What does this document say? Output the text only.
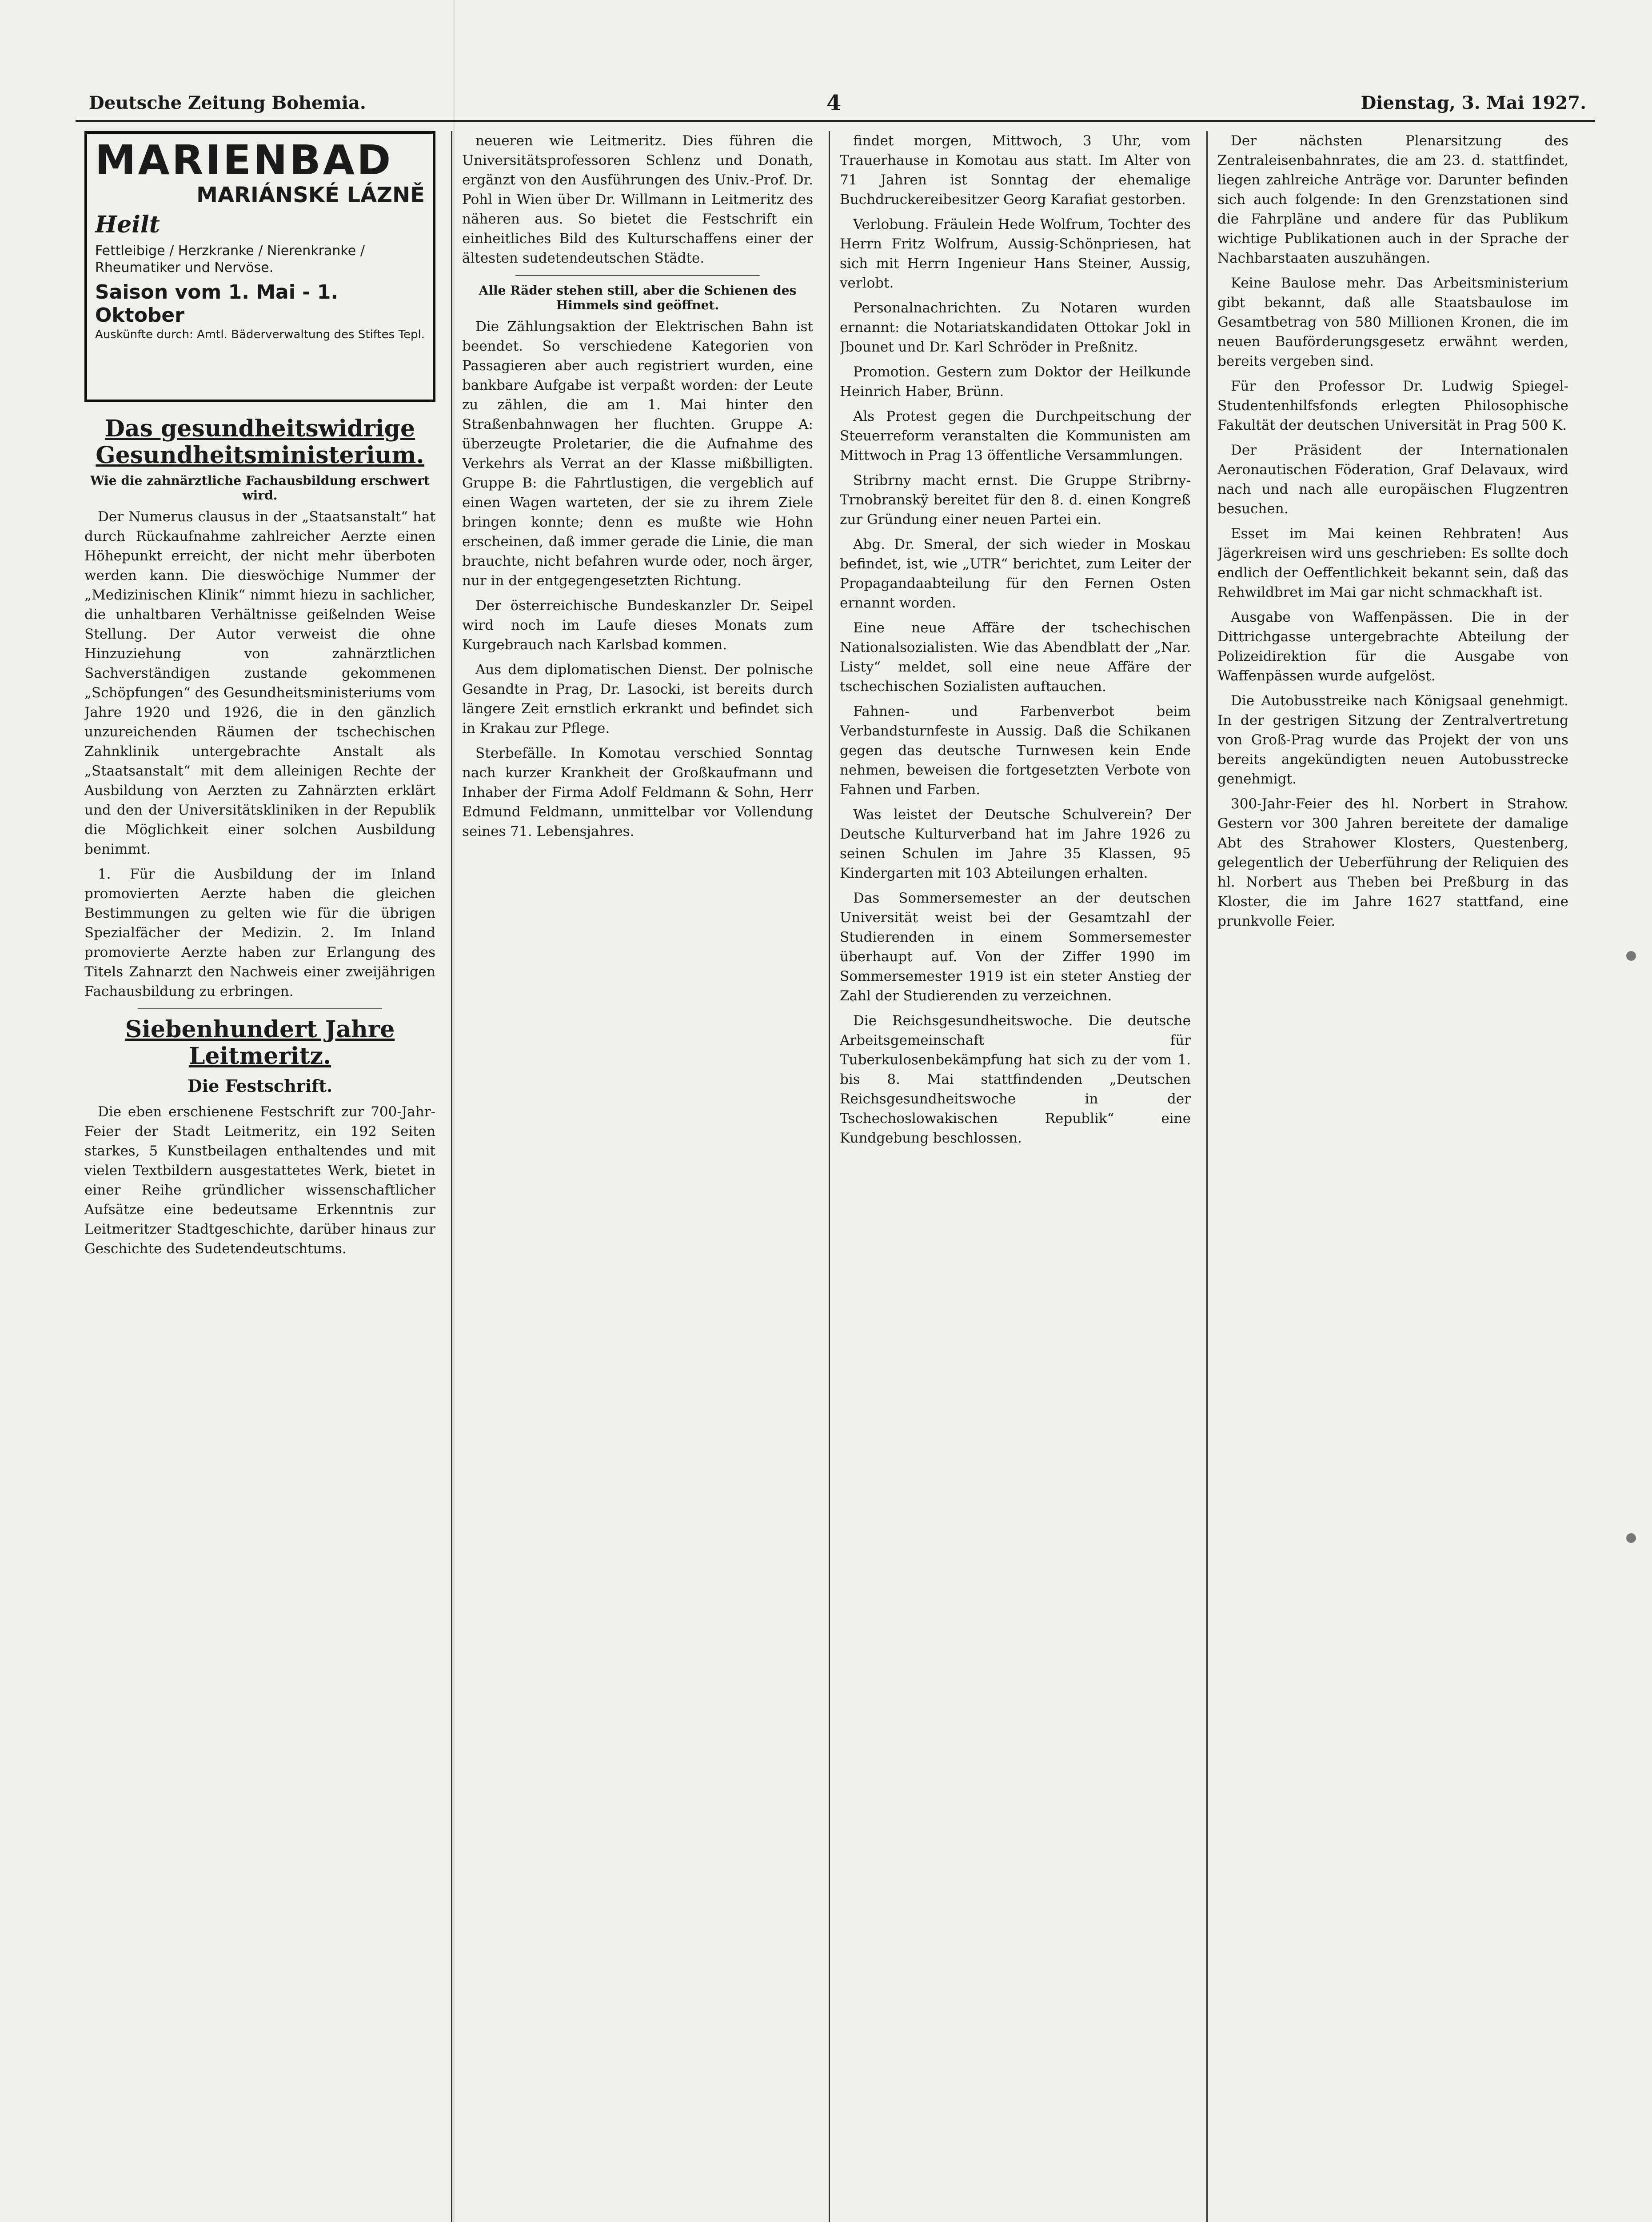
Deutsche Zeitung Bohemia.	4	Dienstag, 3. Mai 1927.
MARIENBAD
MARIÁNSKÉ LÁZNĚ
Heilt
Fettleibige / Herzkranke / Nierenkranke / Rheumatiker und Nervöse.
Saison vom 1. Mai - 1. Oktober
Auskünfte durch: Amtl. Bäderverwaltung des Stiftes Tepl.
Das gesundheitswidrige Gesundheitsministerium.
Wie die zahnärztliche Fachausbildung erschwert wird.

Der Numerus clausus in der „Staatsanstalt“ hat durch Rückaufnahme zahlreicher Aerzte einen Höhepunkt erreicht, der nicht mehr überboten werden kann. Die dieswöchige Nummer der „Medizinischen Klinik“ nimmt hiezu in sachlicher, die unhaltbaren Verhältnisse geißelnden Weise Stellung. Der Autor verweist die ohne Hinzuziehung von zahnärztlichen Sachverständigen zustande gekommenen „Schöpfungen“ des Gesundheitsministeriums vom Jahre 1920 und 1926, die in den gänzlich unzureichenden Räumen der tschechischen Zahnklinik untergebrachte Anstalt als „Staatsanstalt“ mit dem alleinigen Rechte der Ausbildung von Aerzten zu Zahnärzten erklärt und den der Universitätskliniken in der Republik die Möglichkeit einer solchen Ausbildung benimmt.

1. Für die Ausbildung der im Inland promovierten Aerzte haben die gleichen Bestimmungen zu gelten wie für die übrigen Spezialfächer der Medizin. 2. Im Inland promovierte Aerzte haben zur Erlangung des Titels Zahnarzt den Nachweis einer zweijährigen Fachausbildung zu erbringen.

Siebenhundert Jahre Leitmeritz.
Die Festschrift.

Die eben erschienene Festschrift zur 700-Jahr-Feier der Stadt Leitmeritz, ein 192 Seiten starkes, 5 Kunstbeilagen enthaltendes und mit vielen Textbildern ausgestattetes Werk, bietet in einer Reihe gründlicher wissenschaftlicher Aufsätze eine bedeutsame Erkenntnis zur Leitmeritzer Stadtgeschichte, darüber hinaus zur Geschichte des Sudetendeutschtums.

neueren wie Leitmeritz. Dies führen die Universitätsprofessoren Schlenz und Donath, ergänzt von den Ausführungen des Univ.-Prof. Dr. Pohl in Wien über Dr. Willmann in Leitmeritz des näheren aus. So bietet die Festschrift ein einheitliches Bild des Kulturschaffens einer der ältesten sudetendeutschen Städte.

Alle Räder stehen still, aber die Schienen des Himmels sind geöffnet.

Die Zählungsaktion der Elektrischen Bahn ist beendet. So verschiedene Kategorien von Passagieren aber auch registriert wurden, eine bankbare Aufgabe ist verpaßt worden: der Leute zu zählen, die am 1. Mai hinter den Straßenbahnwagen her fluchten. Gruppe A: überzeugte Proletarier, die die Aufnahme des Verkehrs als Verrat an der Klasse mißbilligten. Gruppe B: die Fahrtlustigen, die vergeblich auf einen Wagen warteten, der sie zu ihrem Ziele bringen konnte; denn es mußte wie Hohn erscheinen, daß immer gerade die Linie, die man brauchte, nicht befahren wurde oder, noch ärger, nur in der entgegengesetzten Richtung.

Der österreichische Bundeskanzler Dr. Seipel wird noch im Laufe dieses Monats zum Kurgebrauch nach Karlsbad kommen.

Aus dem diplomatischen Dienst. Der polnische Gesandte in Prag, Dr. Lasocki, ist bereits durch längere Zeit ernstlich erkrankt und befindet sich in Krakau zur Pflege.

Sterbefälle. In Komotau verschied Sonntag nach kurzer Krankheit der Großkaufmann und Inhaber der Firma Adolf Feldmann & Sohn, Herr Edmund Feldmann, unmittelbar vor Vollendung seines 71. Lebensjahres.

findet morgen, Mittwoch, 3 Uhr, vom Trauerhause in Komotau aus statt. Im Alter von 71 Jahren ist Sonntag der ehemalige Buchdruckereibesitzer Georg Karafiat gestorben.

Verlobung. Fräulein Hede Wolfrum, Tochter des Herrn Fritz Wolfrum, Aussig-Schönpriesen, hat sich mit Herrn Ingenieur Hans Steiner, Aussig, verlobt.

Personalnachrichten. Zu Notaren wurden ernannt: die Notariatskandidaten Ottokar Jokl in Jbounet und Dr. Karl Schröder in Preßnitz.

Promotion. Gestern zum Doktor der Heilkunde Heinrich Haber, Brünn.

Als Protest gegen die Durchpeitschung der Steuerreform veranstalten die Kommunisten am Mittwoch in Prag 13 öffentliche Versammlungen.

Stribrny macht ernst. Die Gruppe Stribrny-Trnobranskÿ bereitet für den 8. d. einen Kongreß zur Gründung einer neuen Partei ein.

Abg. Dr. Smeral, der sich wieder in Moskau befindet, ist, wie „UTR“ berichtet, zum Leiter der Propagandaabteilung für den Fernen Osten ernannt worden.

Eine neue Affäre der tschechischen Nationalsozialisten. Wie das Abendblatt der „Nar. Listy“ meldet, soll eine neue Affäre der tschechischen Sozialisten auftauchen.

Fahnen- und Farbenverbot beim Verbandsturnfeste in Aussig. Daß die Schikanen gegen das deutsche Turnwesen kein Ende nehmen, beweisen die fortgesetzten Verbote von Fahnen und Farben.

Was leistet der Deutsche Schulverein? Der Deutsche Kulturverband hat im Jahre 1926 zu seinen Schulen im Jahre 35 Klassen, 95 Kindergarten mit 103 Abteilungen erhalten.

Das Sommersemester an der deutschen Universität weist bei der Gesamtzahl der Studierenden in einem Sommersemester überhaupt auf. Von der Ziffer 1990 im Sommersemester 1919 ist ein steter Anstieg der Zahl der Studierenden zu verzeichnen.

Die Reichsgesundheitswoche. Die deutsche Arbeitsgemeinschaft für Tuberkulosenbekämpfung hat sich zu der vom 1. bis 8. Mai stattfindenden „Deutschen Reichsgesundheitswoche in der Tschechoslowakischen Republik“ eine Kundgebung beschlossen.

Der nächsten Plenarsitzung des Zentraleisenbahnrates, die am 23. d. stattfindet, liegen zahlreiche Anträge vor. Darunter befinden sich auch folgende: In den Grenzstationen sind die Fahrpläne und andere für das Publikum wichtige Publikationen auch in der Sprache der Nachbarstaaten auszuhängen.

Keine Baulose mehr. Das Arbeitsministerium gibt bekannt, daß alle Staatsbaulose im Gesamtbetrag von 580 Millionen Kronen, die im neuen Bauförderungsgesetz erwähnt werden, bereits vergeben sind.

Für den Professor Dr. Ludwig Spiegel-Studentenhilfsfonds erlegten Philosophische Fakultät der deutschen Universität in Prag 500 K.

Der Präsident der Internationalen Aeronautischen Föderation, Graf Delavaux, wird nach und nach alle europäischen Flugzentren besuchen.

Esset im Mai keinen Rehbraten! Aus Jägerkreisen wird uns geschrieben: Es sollte doch endlich der Oeffentlichkeit bekannt sein, daß das Rehwildbret im Mai gar nicht schmackhaft ist.

Ausgabe von Waffenpässen. Die in der Dittrichgasse untergebrachte Abteilung der Polizeidirektion für die Ausgabe von Waffenpässen wurde aufgelöst.

Die Autobusstreike nach Königsaal genehmigt. In der gestrigen Sitzung der Zentralvertretung von Groß-Prag wurde das Projekt der von uns bereits angekündigten neuen Autobusstrecke genehmigt.

300-Jahr-Feier des hl. Norbert in Strahow. Gestern vor 300 Jahren bereitete der damalige Abt des Strahower Klosters, Questenberg, gelegentlich der Ueberführung der Reliquien des hl. Norbert aus Theben bei Preßburg in das Kloster, die im Jahre 1627 stattfand, eine prunkvolle Feier.
